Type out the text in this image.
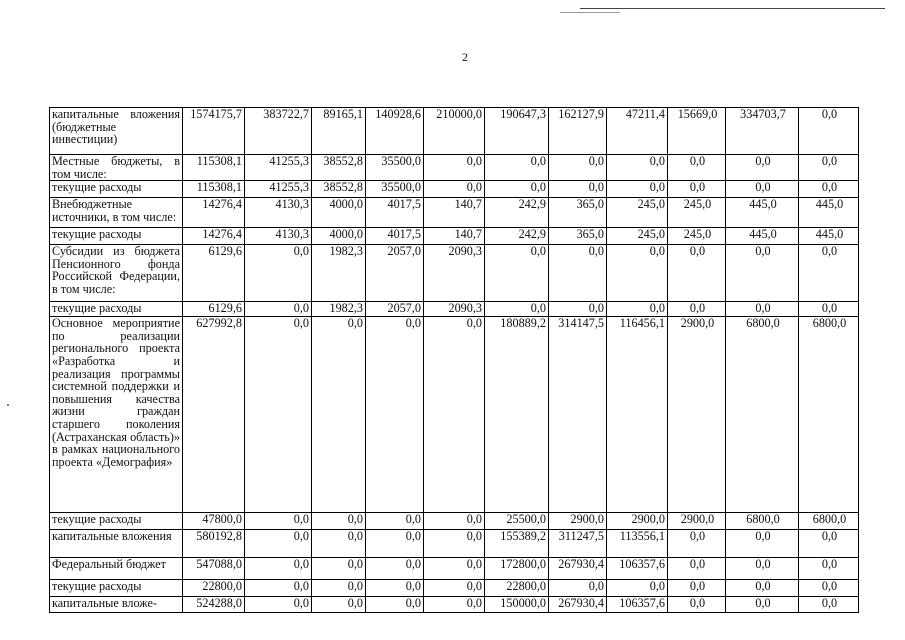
2
капитальные вложения (бюджетные инвестиции)	1574175,7	383722,7	89165,1	140928,6	210000,0	190647,3	162127,9	47211,4	15669,0	334703,7	0,0
Местные бюджеты, в том числе:	115308,1	41255,3	38552,8	35500,0	0,0	0,0	0,0	0,0	0,0	0,0	0,0
текущие расходы	115308,1	41255,3	38552,8	35500,0	0,0	0,0	0,0	0,0	0,0	0,0	0,0
Внебюджетные источники, в том числе:	14276,4	4130,3	4000,0	4017,5	140,7	242,9	365,0	245,0	245,0	445,0	445,0
текущие расходы	14276,4	4130,3	4000,0	4017,5	140,7	242,9	365,0	245,0	245,0	445,0	445,0
Субсидии из бюджета Пенсионного фонда Российской Федерации, в том числе:	6129,6	0,0	1982,3	2057,0	2090,3	0,0	0,0	0,0	0,0	0,0	0,0
текущие расходы	6129,6	0,0	1982,3	2057,0	2090,3	0,0	0,0	0,0	0,0	0,0	0,0
Основное мероприятие по реализации регионального проекта «Разработка и реализация программы системной поддержки и повышения качества жизни граждан старшего поколения (Астраханская область)» в рамках национального проекта «Демография»	627992,8	0,0	0,0	0,0	0,0	180889,2	314147,5	116456,1	2900,0	6800,0	6800,0
текущие расходы	47800,0	0,0	0,0	0,0	0,0	25500,0	2900,0	2900,0	2900,0	6800,0	6800,0
капитальные вложения	580192,8	0,0	0,0	0,0	0,0	155389,2	311247,5	113556,1	0,0	0,0	0,0
Федеральный бюджет	547088,0	0,0	0,0	0,0	0,0	172800,0	267930,4	106357,6	0,0	0,0	0,0
текущие расходы	22800,0	0,0	0,0	0,0	0,0	22800,0	0,0	0,0	0,0	0,0	0,0
капитальные вложе-	524288,0	0,0	0,0	0,0	0,0	150000,0	267930,4	106357,6	0,0	0,0	0,0
